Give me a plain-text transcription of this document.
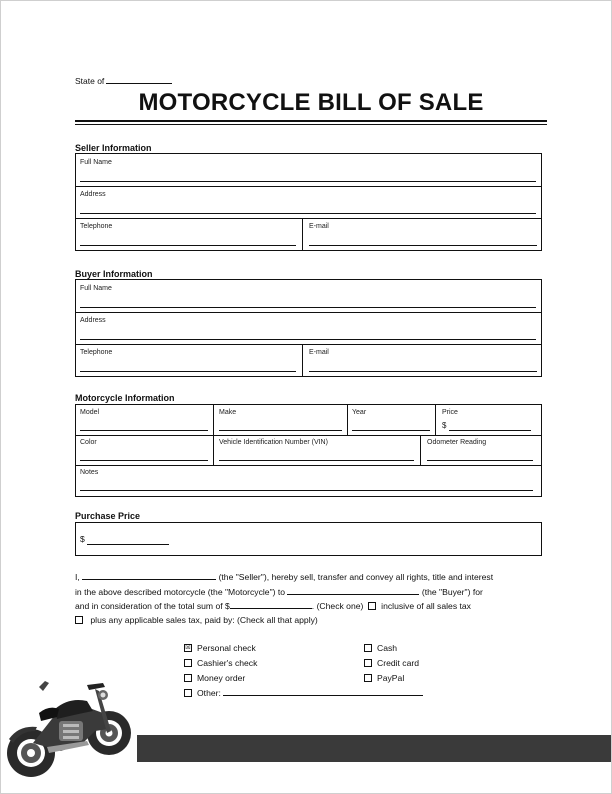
State of
MOTORCYCLE BILL OF SALE
Seller Information
Full Name
Address
Telephone	E-mail
Buyer Information
Full Name
Address
Telephone	E-mail
Motorcycle Information
Model	Make	Year	Price
$
Color	Vehicle Identification Number (VIN)	Odometer Reading
Notes
Purchase Price
$
I,	(the "Seller"), hereby sell, transfer and convey all rights, title and interest
in the above described motorcycle (the "Motorcycle") to	(the "Buyer") for
and in consideration of the total sum of $	. (Check one) inclusive of all sales tax
plus any applicable sales tax, paid by: (Check all that apply)
☒ Personal check
Cashier's check
Money order
Other:
Cash
Credit card
PayPal
